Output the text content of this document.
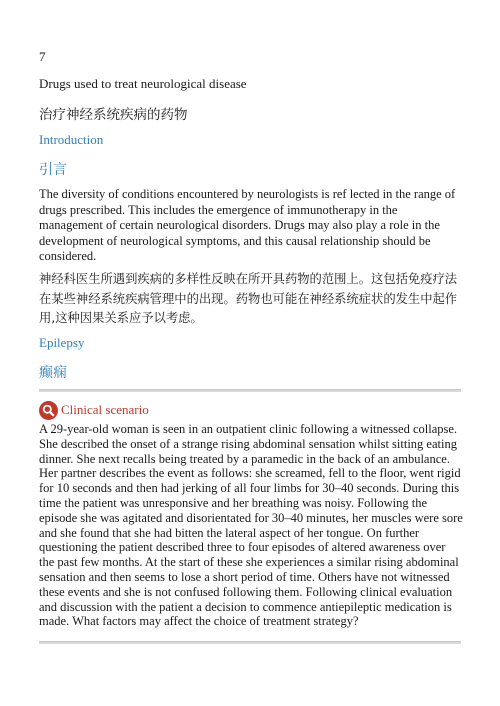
7
Drugs used to treat neurological disease
治疗神经系统疾病的药物
Introduction
引言
The diversity of conditions encountered by neurologists is ref lected in the range of drugs prescribed. This includes the emergence of immunotherapy in the management of certain neurological disorders. Drugs may also play a role in the development of neurological symptoms, and this causal relationship should be considered.
神经科医生所遇到疾病的多样性反映在所开具药物的范围上。这包括免疫疗法在某些神经系统疾病管理中的出现。药物也可能在神经系统症状的发生中起作用,这种因果关系应予以考虑。
Epilepsy
癫痫
Clinical scenario
A 29-year-old woman is seen in an outpatient clinic following a witnessed collapse. She described the onset of a strange rising abdominal sensation whilst sitting eating dinner. She next recalls being treated by a paramedic in the back of an ambulance. Her partner describes the event as follows: she screamed, fell to the floor, went rigid for 10 seconds and then had jerking of all four limbs for 30–40 seconds. During this time the patient was unresponsive and her breathing was noisy. Following the episode she was agitated and disorientated for 30–40 minutes, her muscles were sore and she found that she had bitten the lateral aspect of her tongue. On further questioning the patient described three to four episodes of altered awareness over the past few months. At the start of these she experiences a similar rising abdominal sensation and then seems to lose a short period of time. Others have not witnessed these events and she is not confused following them. Following clinical evaluation and discussion with the patient a decision to commence antiepileptic medication is made. What factors may affect the choice of treatment strategy?
